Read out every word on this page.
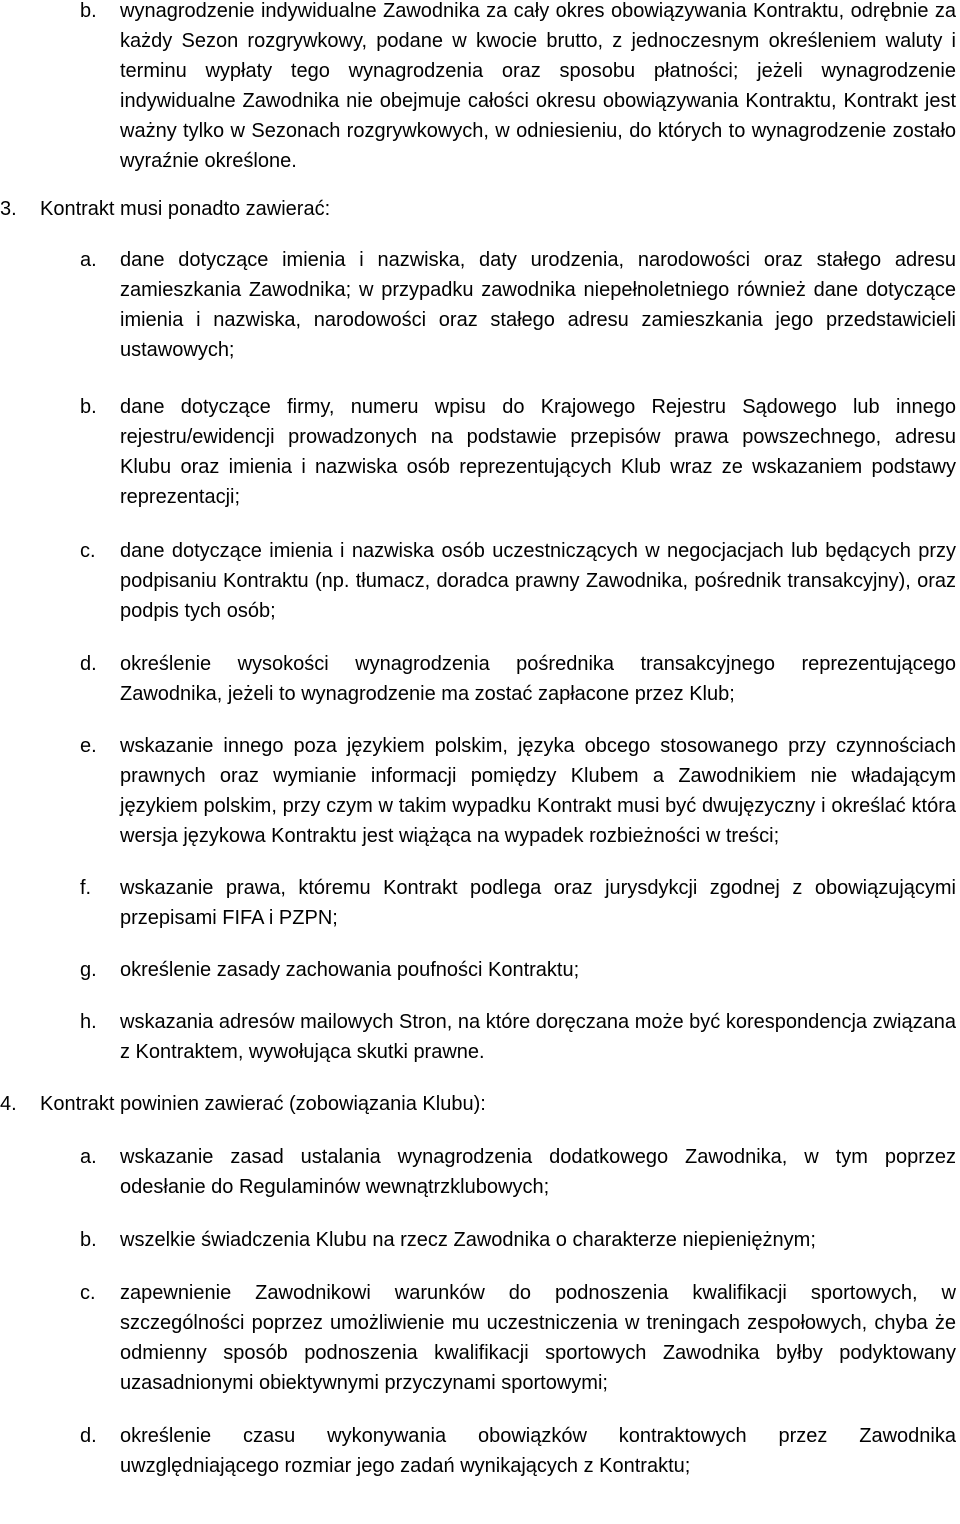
b. wynagrodzenie indywidualne Zawodnika za cały okres obowiązywania Kontraktu, odrębnie za każdy Sezon rozgrywkowy, podane w kwocie brutto, z jednoczesnym określeniem waluty i terminu wypłaty tego wynagrodzenia oraz sposobu płatności; jeżeli wynagrodzenie indywidualne Zawodnika nie obejmuje całości okresu obowiązywania Kontraktu, Kontrakt jest ważny tylko w Sezonach rozgrywkowych, w odniesieniu, do których to wynagrodzenie zostało wyraźnie określone.
3. Kontrakt musi ponadto zawierać:
a. dane dotyczące imienia i nazwiska, daty urodzenia, narodowości oraz stałego adresu zamieszkania Zawodnika; w przypadku zawodnika niepełnoletniego również dane dotyczące imienia i nazwiska, narodowości oraz stałego adresu zamieszkania jego przedstawicieli ustawowych;
b. dane dotyczące firmy, numeru wpisu do Krajowego Rejestru Sądowego lub innego rejestru/ewidencji prowadzonych na podstawie przepisów prawa powszechnego, adresu Klubu oraz imienia i nazwiska osób reprezentujących Klub wraz ze wskazaniem podstawy reprezentacji;
c. dane dotyczące imienia i nazwiska osób uczestniczących w negocjacjach lub będących przy podpisaniu Kontraktu (np. tłumacz, doradca prawny Zawodnika, pośrednik transakcyjny), oraz podpis tych osób;
d. określenie wysokości wynagrodzenia pośrednika transakcyjnego reprezentującego Zawodnika, jeżeli to wynagrodzenie ma zostać zapłacone przez Klub;
e. wskazanie innego poza językiem polskim, języka obcego stosowanego przy czynnościach prawnych oraz wymianie informacji pomiędzy Klubem a Zawodnikiem nie władającym językiem polskim, przy czym w takim wypadku Kontrakt musi być dwujęzyczny i określać która wersja językowa Kontraktu jest wiążąca na wypadek rozbieżności w treści;
f. wskazanie prawa, któremu Kontrakt podlega oraz jurysdykcji zgodnej z obowiązującymi przepisami FIFA i PZPN;
g. określenie zasady zachowania poufności Kontraktu;
h. wskazania adresów mailowych Stron, na które doręczana może być korespondencja związana z Kontraktem, wywołująca skutki prawne.
4. Kontrakt powinien zawierać (zobowiązania Klubu):
a. wskazanie zasad ustalania wynagrodzenia dodatkowego Zawodnika, w tym poprzez odesłanie do Regulaminów wewnątrzklubowych;
b. wszelkie świadczenia Klubu na rzecz Zawodnika o charakterze niepieniężnym;
c. zapewnienie Zawodnikowi warunków do podnoszenia kwalifikacji sportowych, w szczególności poprzez umożliwienie mu uczestniczenia w treningach zespołowych, chyba że odmienny sposób podnoszenia kwalifikacji sportowych Zawodnika byłby podyktowany uzasadnionymi obiektywnymi przyczynami sportowymi;
d. określenie czasu wykonywania obowiązków kontraktowych przez Zawodnika uwzględniającego rozmiar jego zadań wynikających z Kontraktu;
